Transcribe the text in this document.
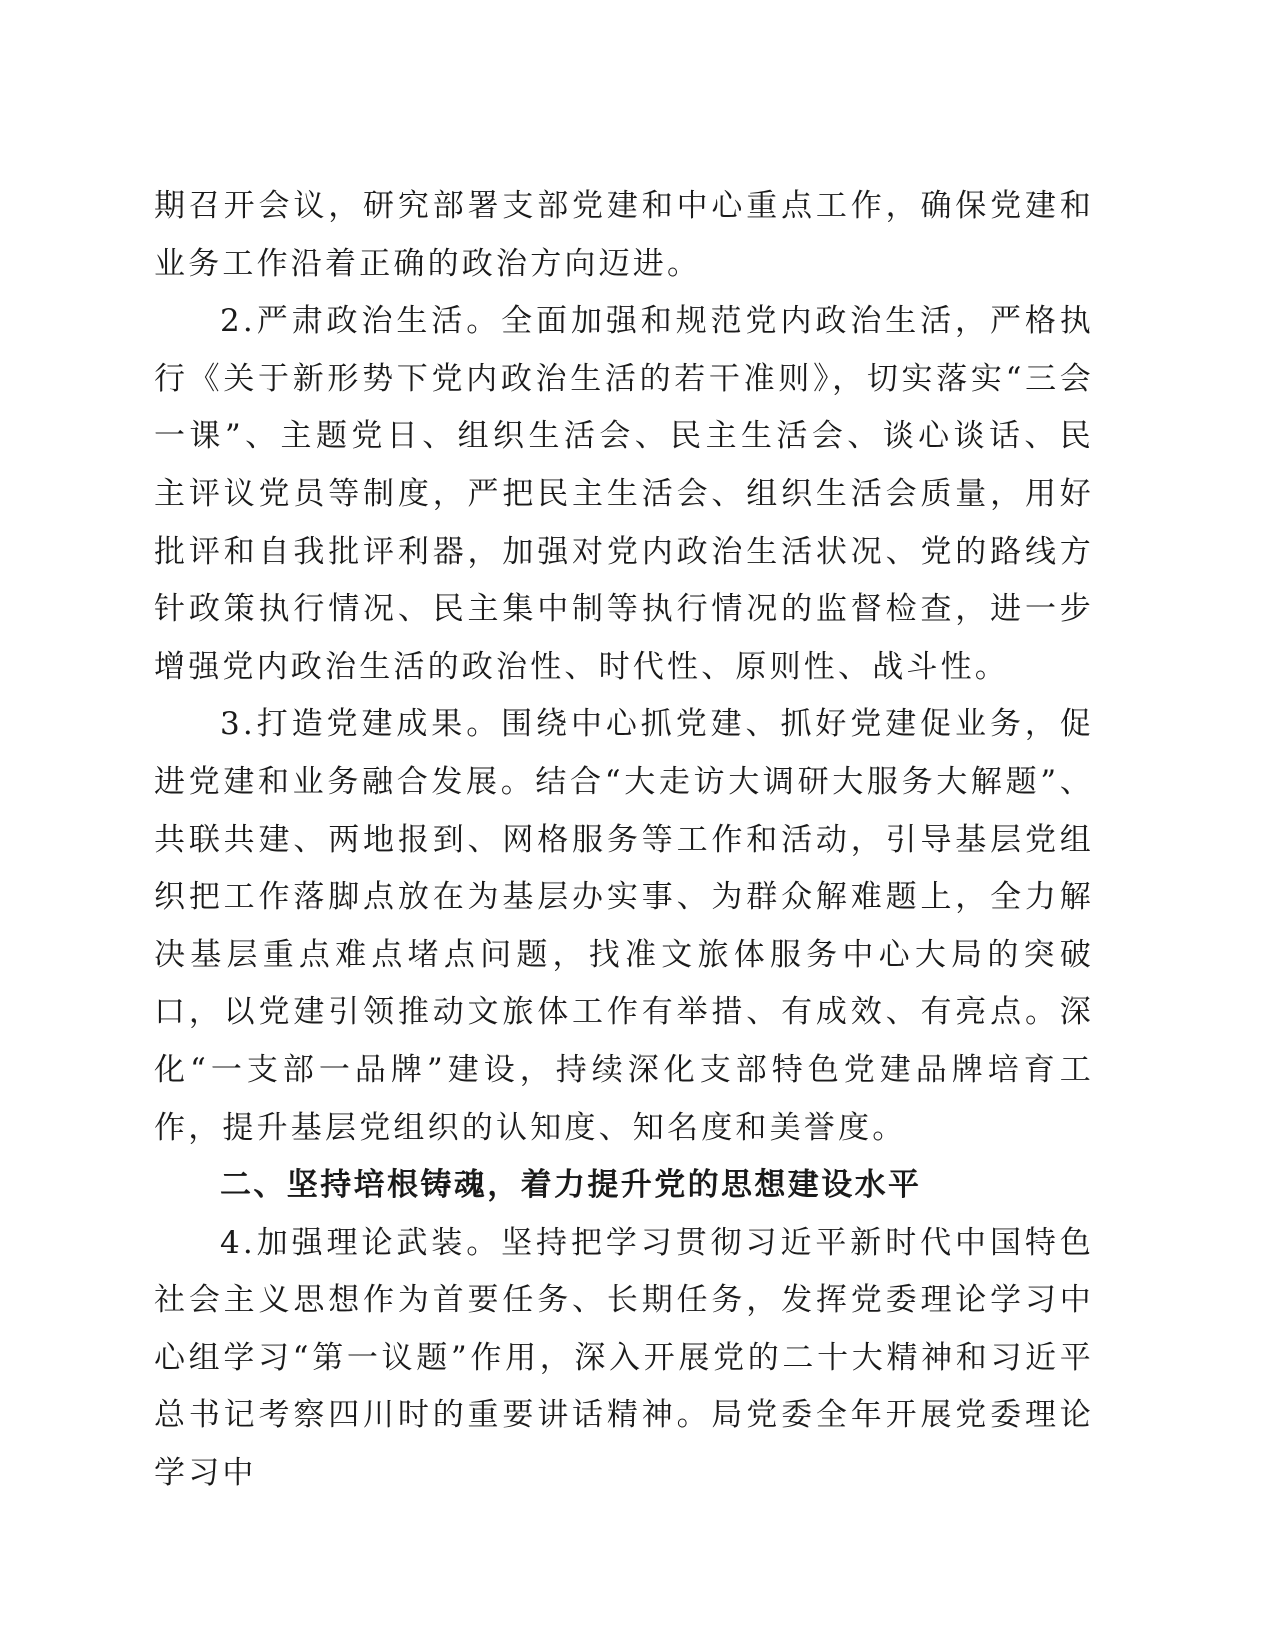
期召开会议，研究部署支部党建和中心重点工作，确保党建和业务工作沿着正确的政治方向迈进。

2.严肃政治生活。全面加强和规范党内政治生活，严格执行《关于新形势下党内政治生活的若干准则》，切实落实“三会一课”、主题党日、组织生活会、民主生活会、谈心谈话、民主评议党员等制度，严把民主生活会、组织生活会质量，用好批评和自我批评利器，加强对党内政治生活状况、党的路线方针政策执行情况、民主集中制等执行情况的监督检查，进一步增强党内政治生活的政治性、时代性、原则性、战斗性。

3.打造党建成果。围绕中心抓党建、抓好党建促业务，促进党建和业务融合发展。结合“大走访大调研大服务大解题”、共联共建、两地报到、网格服务等工作和活动，引导基层党组织把工作落脚点放在为基层办实事、为群众解难题上，全力解决基层重点难点堵点问题，找准文旅体服务中心大局的突破口，以党建引领推动文旅体工作有举措、有成效、有亮点。深化“一支部一品牌”建设，持续深化支部特色党建品牌培育工作，提升基层党组织的认知度、知名度和美誉度。

二、坚持培根铸魂，着力提升党的思想建设水平

4.加强理论武装。坚持把学习贯彻习近平新时代中国特色社会主义思想作为首要任务、长期任务，发挥党委理论学习中心组学习“第一议题”作用，深入开展党的二十大精神和习近平总书记考察四川时的重要讲话精神。局党委全年开展党委理论学习中
